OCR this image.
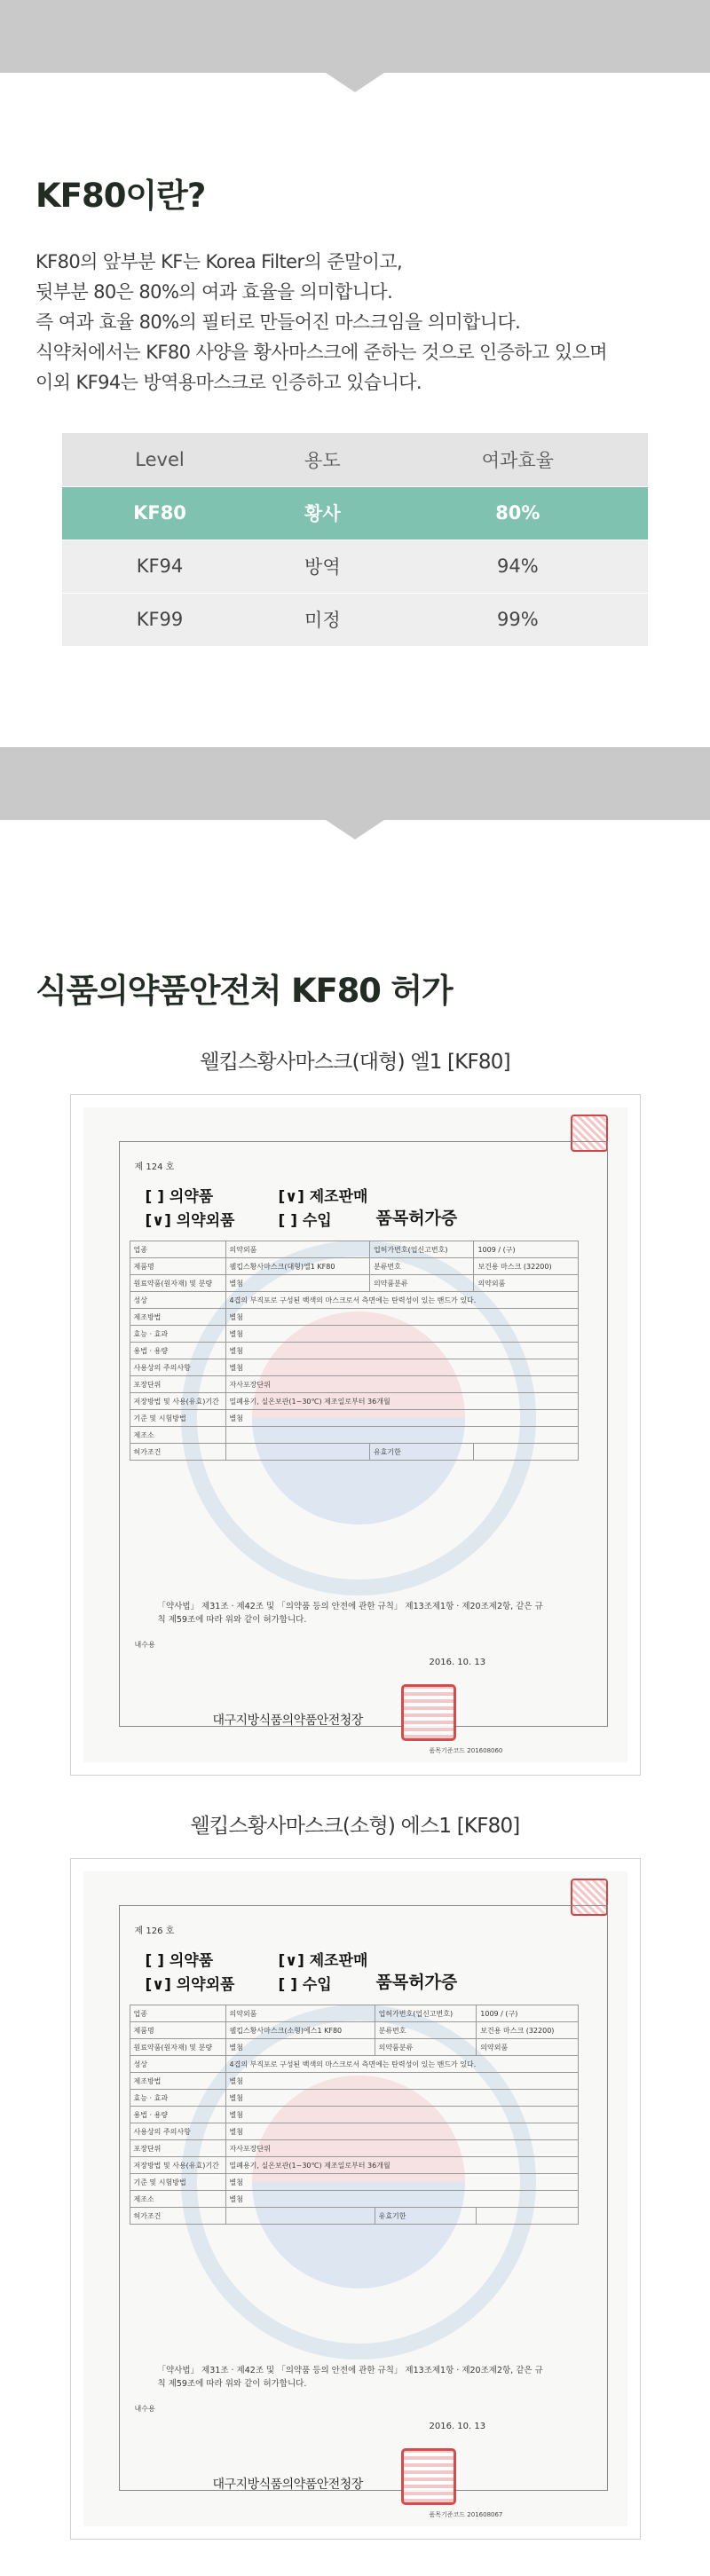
KF80이란?

KF80의 앞부분 KF는 Korea Filter의 준말이고,

뒷부분 80은 80%의 여과 효율을 의미합니다.

즉 여과 효율 80%의 필터로 만들어진 마스크임을 의미합니다.

식약처에서는 KF80 사양을 황사마스크에 준하는 것으로 인증하고 있으며

이외 KF94는 방역용마스크로 인증하고 있습니다.

Level	용도	여과효율
KF80	황사	80%
KF94	방역	94%
KF99	미정	99%
식품의약품안전처 KF80 허가
웰킵스황사마스크(대형) 엘1 [KF80]
제 124 호
[ ] 의약품	[∨] 제조판매
[∨] 의약외품	[ ] 수입	품목허가증
업종	의약외품	업허가번호(업신고번호)	1009 / (구)
제품명	웰킵스황사마스크(대형)엘1 KF80	분류번호	보건용 마스크 (32200)
원료약품(원자재) 및 분량	별첨	의약품분류	의약외품
성상	4겹의 부직포로 구성된 백색의 마스크로서 측면에는 탄력성이 있는 밴드가 있다.		
제조방법	별첨		
효능 · 효과	별첨		
용법 · 용량	별첨		
사용상의 주의사항	별첨		
포장단위	자사포장단위		
저장방법 및 사용(유효)기간	밀폐용기, 실온보관(1~30℃) 제조일로부터 36개월		
기준 및 시험방법	별첨		
제조소			
허가조건		유효기한	
「약사법」 제31조 · 제42조 및 「의약품 등의 안전에 관한 규칙」 제13조제1항 · 제20조제2항, 같은 규칙 제59조에 따라 위와 같이 허가합니다.
내수용
2016. 10. 13
대구지방식품의약품안전청장
품목기준코드 201608060
웰킵스황사마스크(소형) 에스1 [KF80]
제 126 호
[ ] 의약품	[∨] 제조판매
[∨] 의약외품	[ ] 수입	품목허가증
업종	의약외품	업허가번호(업신고번호)	1009 / (구)
제품명	웰킵스황사마스크(소형)에스1 KF80	분류번호	보건용 마스크 (32200)
원료약품(원자재) 및 분량	별첨	의약품분류	의약외품
성상	4겹의 부직포로 구성된 백색의 마스크로서 측면에는 탄력성이 있는 밴드가 있다.		
제조방법	별첨		
효능 · 효과	별첨		
용법 · 용량	별첨		
사용상의 주의사항	별첨		
포장단위	자사포장단위		
저장방법 및 사용(유효)기간	밀폐용기, 실온보관(1~30℃) 제조일로부터 36개월		
기준 및 시험방법	별첨		
제조소	별첨		
허가조건		유효기한	
「약사법」 제31조 · 제42조 및 「의약품 등의 안전에 관한 규칙」 제13조제1항 · 제20조제2항, 같은 규칙 제59조에 따라 위와 같이 허가합니다.
내수용
2016. 10. 13
대구지방식품의약품안전청장
품목기준코드 201608067
